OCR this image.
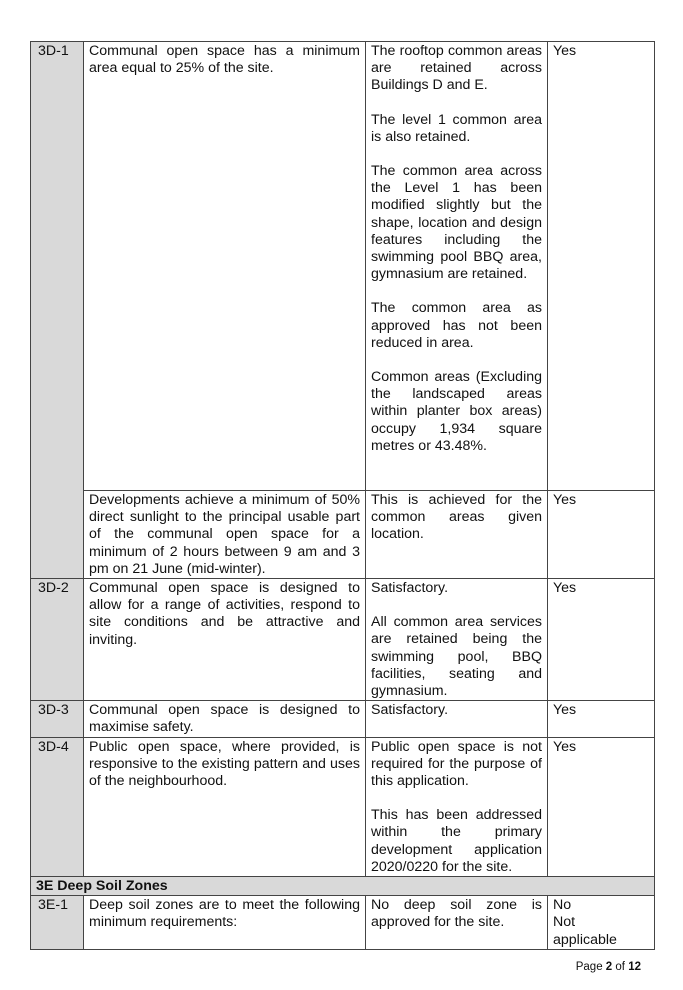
3D-1	Communal open space has a minimum area equal to 25% of the site.	The rooftop common areas are retained across Buildings D and E.
The level 1 common area is also retained.
The common area across the Level 1 has been modified slightly but the shape, location and design features including the swimming pool BBQ area, gymnasium are retained.
The common area as approved has not been reduced in area.
Common areas (Excluding the landscaped areas within planter box areas) occupy 1,934 square metres or 43.48%.	Yes

	Developments achieve a minimum of 50% direct sunlight to the principal usable part of the communal open space for a minimum of 2 hours between 9 am and 3 pm on 21 June (mid-winter).	This is achieved for the common areas given location.	Yes
3D-2	Communal open space is designed to allow for a range of activities, respond to site conditions and be attractive and inviting.	Satisfactory.
All common area services are retained being the swimming pool, BBQ facilities, seating and gymnasium.	Yes
3D-3	Communal open space is designed to maximise safety.	Satisfactory.	Yes
3D-4	Public open space, where provided, is responsive to the existing pattern and uses of the neighbourhood.	Public open space is not required for the purpose of this application.
This has been addressed within the primary development application 2020/0220 for the site.	Yes
3E Deep Soil Zones			
3E-1	Deep soil zones are to meet the following minimum requirements:	No deep soil zone is approved for the site.	No
Not
applicable
Page 2 of 12
